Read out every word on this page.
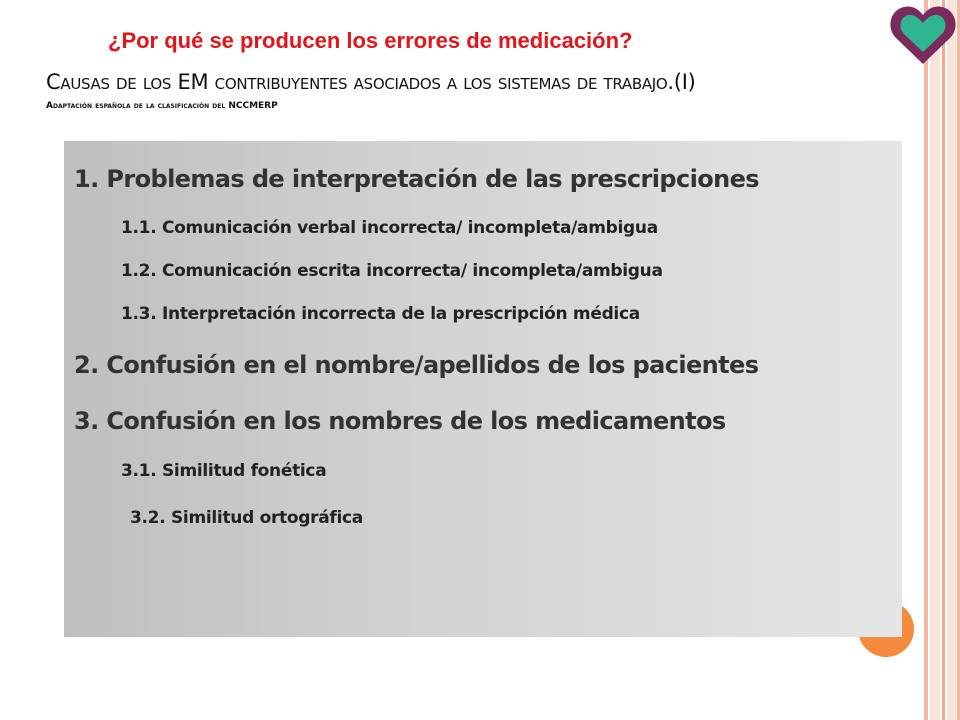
¿Por qué se producen los errores de medicación?
Causas de los EM contribuyentes asociados a los sistemas de trabajo.(I)
Adaptación española de la clasificación del NCCMERP
1. Problemas de interpretación de las prescripciones
1.1. Comunicación verbal incorrecta/ incompleta/ambigua
1.2. Comunicación escrita incorrecta/ incompleta/ambigua
1.3. Interpretación incorrecta de la prescripción médica
2. Confusión en el nombre/apellidos de los pacientes
3. Confusión en los nombres de los medicamentos
3.1. Similitud fonética
3.2. Similitud ortográfica
